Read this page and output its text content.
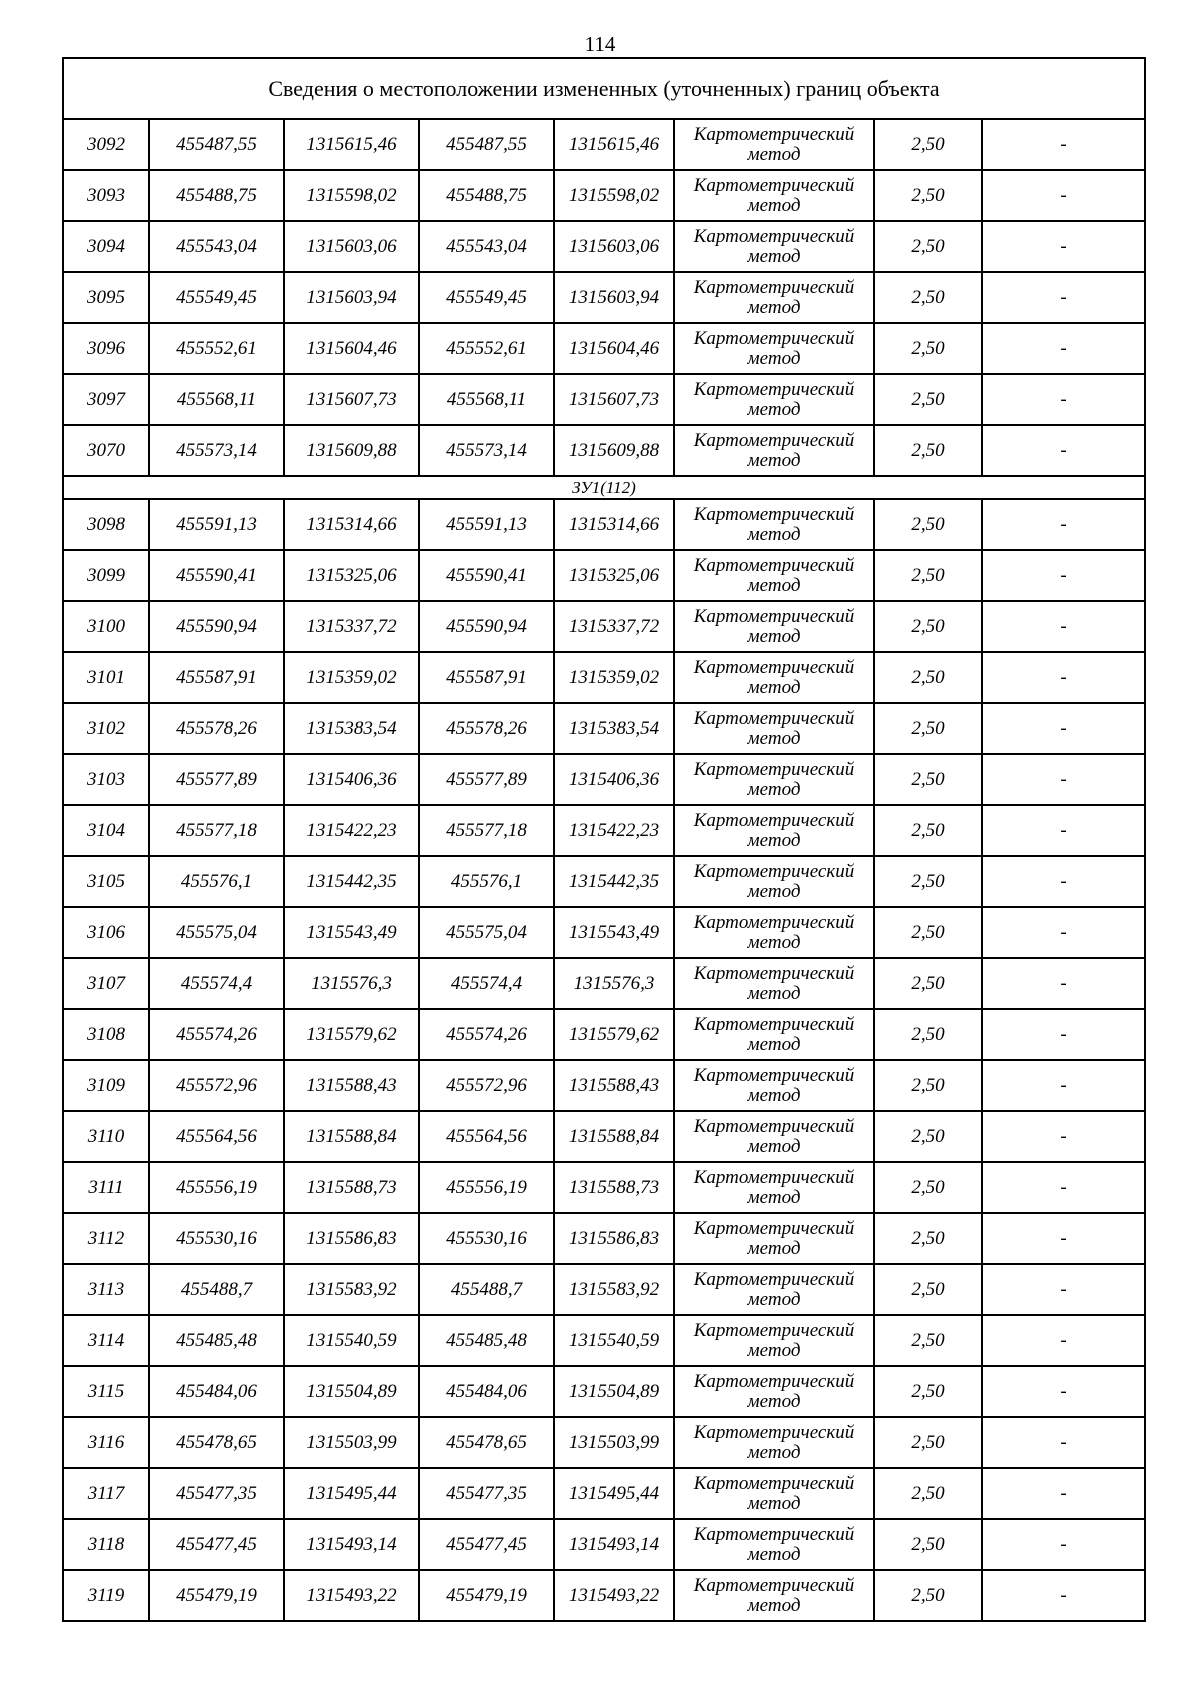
114
Сведения о местоположении измененных (уточненных) границ объекта							
3092	455487,55	1315615,46	455487,55	1315615,46	Картометрический метод	2,50	-
3093	455488,75	1315598,02	455488,75	1315598,02	Картометрический метод	2,50	-
3094	455543,04	1315603,06	455543,04	1315603,06	Картометрический метод	2,50	-
3095	455549,45	1315603,94	455549,45	1315603,94	Картометрический метод	2,50	-
3096	455552,61	1315604,46	455552,61	1315604,46	Картометрический метод	2,50	-
3097	455568,11	1315607,73	455568,11	1315607,73	Картометрический метод	2,50	-
3070	455573,14	1315609,88	455573,14	1315609,88	Картометрический метод	2,50	-
ЗУ1(112)							
3098	455591,13	1315314,66	455591,13	1315314,66	Картометрический метод	2,50	-
3099	455590,41	1315325,06	455590,41	1315325,06	Картометрический метод	2,50	-
3100	455590,94	1315337,72	455590,94	1315337,72	Картометрический метод	2,50	-
3101	455587,91	1315359,02	455587,91	1315359,02	Картометрический метод	2,50	-
3102	455578,26	1315383,54	455578,26	1315383,54	Картометрический метод	2,50	-
3103	455577,89	1315406,36	455577,89	1315406,36	Картометрический метод	2,50	-
3104	455577,18	1315422,23	455577,18	1315422,23	Картометрический метод	2,50	-
3105	455576,1	1315442,35	455576,1	1315442,35	Картометрический метод	2,50	-
3106	455575,04	1315543,49	455575,04	1315543,49	Картометрический метод	2,50	-
3107	455574,4	1315576,3	455574,4	1315576,3	Картометрический метод	2,50	-
3108	455574,26	1315579,62	455574,26	1315579,62	Картометрический метод	2,50	-
3109	455572,96	1315588,43	455572,96	1315588,43	Картометрический метод	2,50	-
3110	455564,56	1315588,84	455564,56	1315588,84	Картометрический метод	2,50	-
3111	455556,19	1315588,73	455556,19	1315588,73	Картометрический метод	2,50	-
3112	455530,16	1315586,83	455530,16	1315586,83	Картометрический метод	2,50	-
3113	455488,7	1315583,92	455488,7	1315583,92	Картометрический метод	2,50	-
3114	455485,48	1315540,59	455485,48	1315540,59	Картометрический метод	2,50	-
3115	455484,06	1315504,89	455484,06	1315504,89	Картометрический метод	2,50	-
3116	455478,65	1315503,99	455478,65	1315503,99	Картометрический метод	2,50	-
3117	455477,35	1315495,44	455477,35	1315495,44	Картометрический метод	2,50	-
3118	455477,45	1315493,14	455477,45	1315493,14	Картометрический метод	2,50	-
3119	455479,19	1315493,22	455479,19	1315493,22	Картометрический метод	2,50	-
